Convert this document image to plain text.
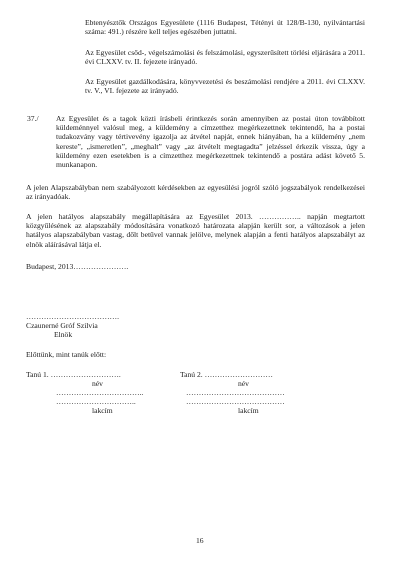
Ebtenyésztők Országos Egyesülete (1116 Budapest, Tétényi út 128/B-130, nyilvántartási száma: 491.) részére kell teljes egészében juttatni.

Az Egyesület csőd-, végelszámolási és felszámolási, egyszerűsített törlési eljárására a 2011. évi CLXXV. tv. II. fejezete irányadó.

Az Egyesület gazdálkodására, könyvvezetési és beszámolási rendjére a 2011. évi CLXXV. tv. V., VI. fejezete az irányadó.

37./ Az Egyesület és a tagok közti írásbeli érintkezés során amennyiben az postai úton továbbított küldeménnyel valósul meg, a küldemény a címzetthez megérkezettnek tekintendő, ha a postai tudakozvány vagy tértivevény igazolja az átvétel napját, ennek hiányában, ha a küldemény „nem kereste”, „ismeretlen”, „meghalt” vagy „az átvételt megtagadta” jelzéssel érkezik vissza, úgy a küldemény ezen esetekben is a címzetthez megérkezettnek tekintendő a postára adást követő 5. munkanapon.

A jelen Alapszabályban nem szabályozott kérdésekben az egyesülési jogról szóló jogszabályok rendelkezései az irányadóak.

A jelen hatályos alapszabály megállapítására az Egyesület 2013. …………….. napján megtartott közgyűlésének az alapszabály módosítására vonatkozó határozata alapján került sor, a változások a jelen hatályos alapszabályban vastag, dőlt betűvel vannak jelölve, melynek alapján a fenti hatályos alapszabályt az elnök aláírásával látja el.

Budapest, 2013………………….
……………………………….
Czaunerné Gróf Szilvia
Elnök
Előttünk, mint tanúk előtt:
Tanú 1. ……………………….	Tanú 2. ………………………
név	név
……………………………..	…………………………………
…………………………..	…………………………………
lakcím	lakcím
16
